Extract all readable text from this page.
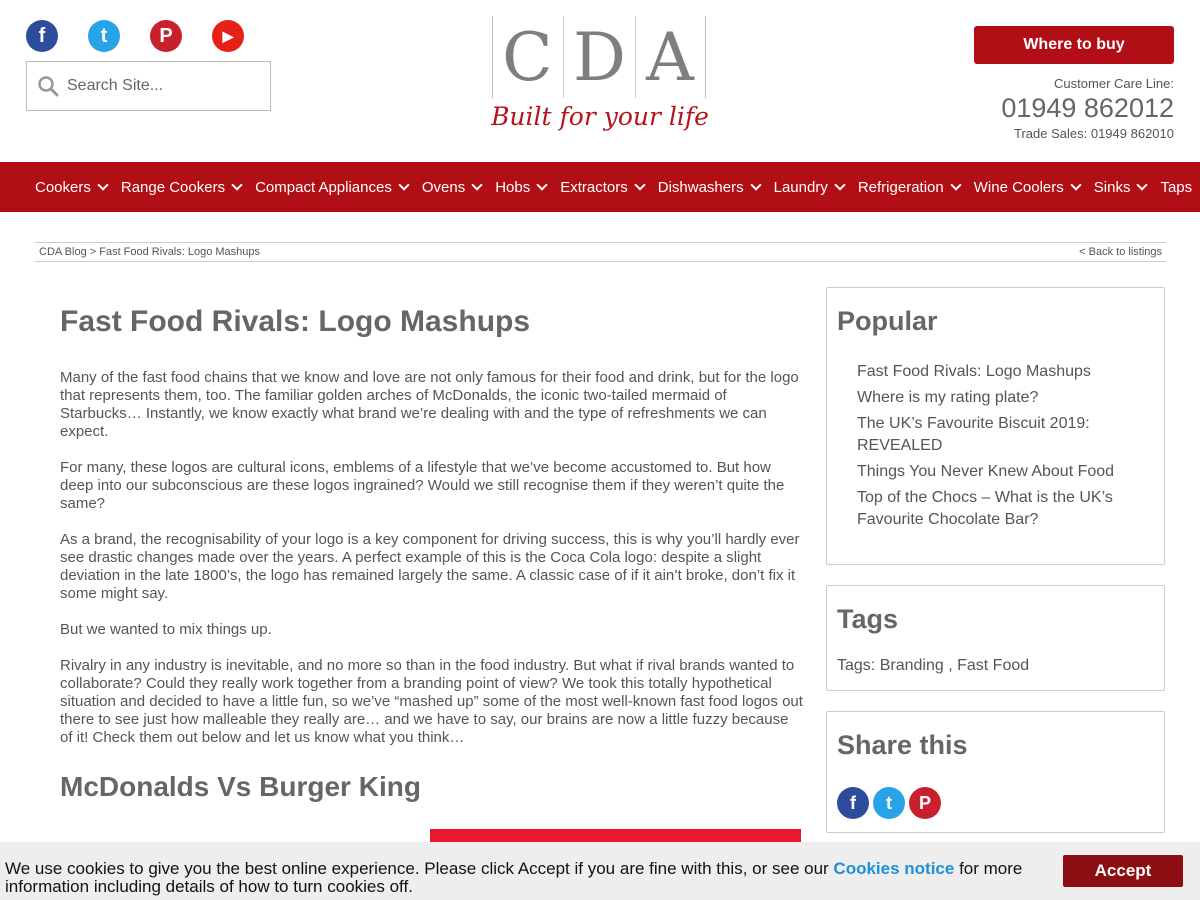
f	t	P	▶
Search Site...	C D A
Built for your life
Where to buy
Customer Care Line:
01949 862012
Trade Sales: 01949 862010
Cookers Range Cookers Compact Appliances Ovens Hobs Extractors Dishwashers Laundry Refrigeration Wine Coolers Sinks Taps
CDA Blog > Fast Food Rivals: Logo Mashups	< Back to listings
Fast Food Rivals: Logo Mashups

Many of the fast food chains that we know and love are not only famous for their food and drink, but for the logo that represents them, too. The familiar golden arches of McDonalds, the iconic two-tailed mermaid of Starbucks… Instantly, we know exactly what brand we’re dealing with and the type of refreshments we can expect.

For many, these logos are cultural icons, emblems of a lifestyle that we’ve become accustomed to. But how deep into our subconscious are these logos ingrained? Would we still recognise them if they weren’t quite the same?

As a brand, the recognisability of your logo is a key component for driving success, this is why you’ll hardly ever see drastic changes made over the years. A perfect example of this is the Coca Cola logo: despite a slight deviation in the late 1800’s, the logo has remained largely the same. A classic case of if it ain’t broke, don’t fix it some might say.

But we wanted to mix things up.

Rivalry in any industry is inevitable, and no more so than in the food industry. But what if rival brands wanted to collaborate? Could they really work together from a branding point of view? We took this totally hypothetical situation and decided to have a little fun, so we’ve “mashed up” some of the most well-known fast food logos out there to see just how malleable they really are… and we have to say, our brains are now a little fuzzy because of it! Check them out below and let us know what you think…

McDonalds Vs Burger King
Popular
Fast Food Rivals: Logo Mashups
Where is my rating plate?
The UK’s Favourite Biscuit 2019: REVEALED
Things You Never Knew About Food
Top of the Chocs – What is the UK’s Favourite Chocolate Bar?
Tags
Tags: Branding , Fast Food
Share this
f	t	P
We use cookies to give you the best online experience. Please click Accept if you are fine with this, or see our Cookies notice for more information including details of how to turn cookies off.
Accept
